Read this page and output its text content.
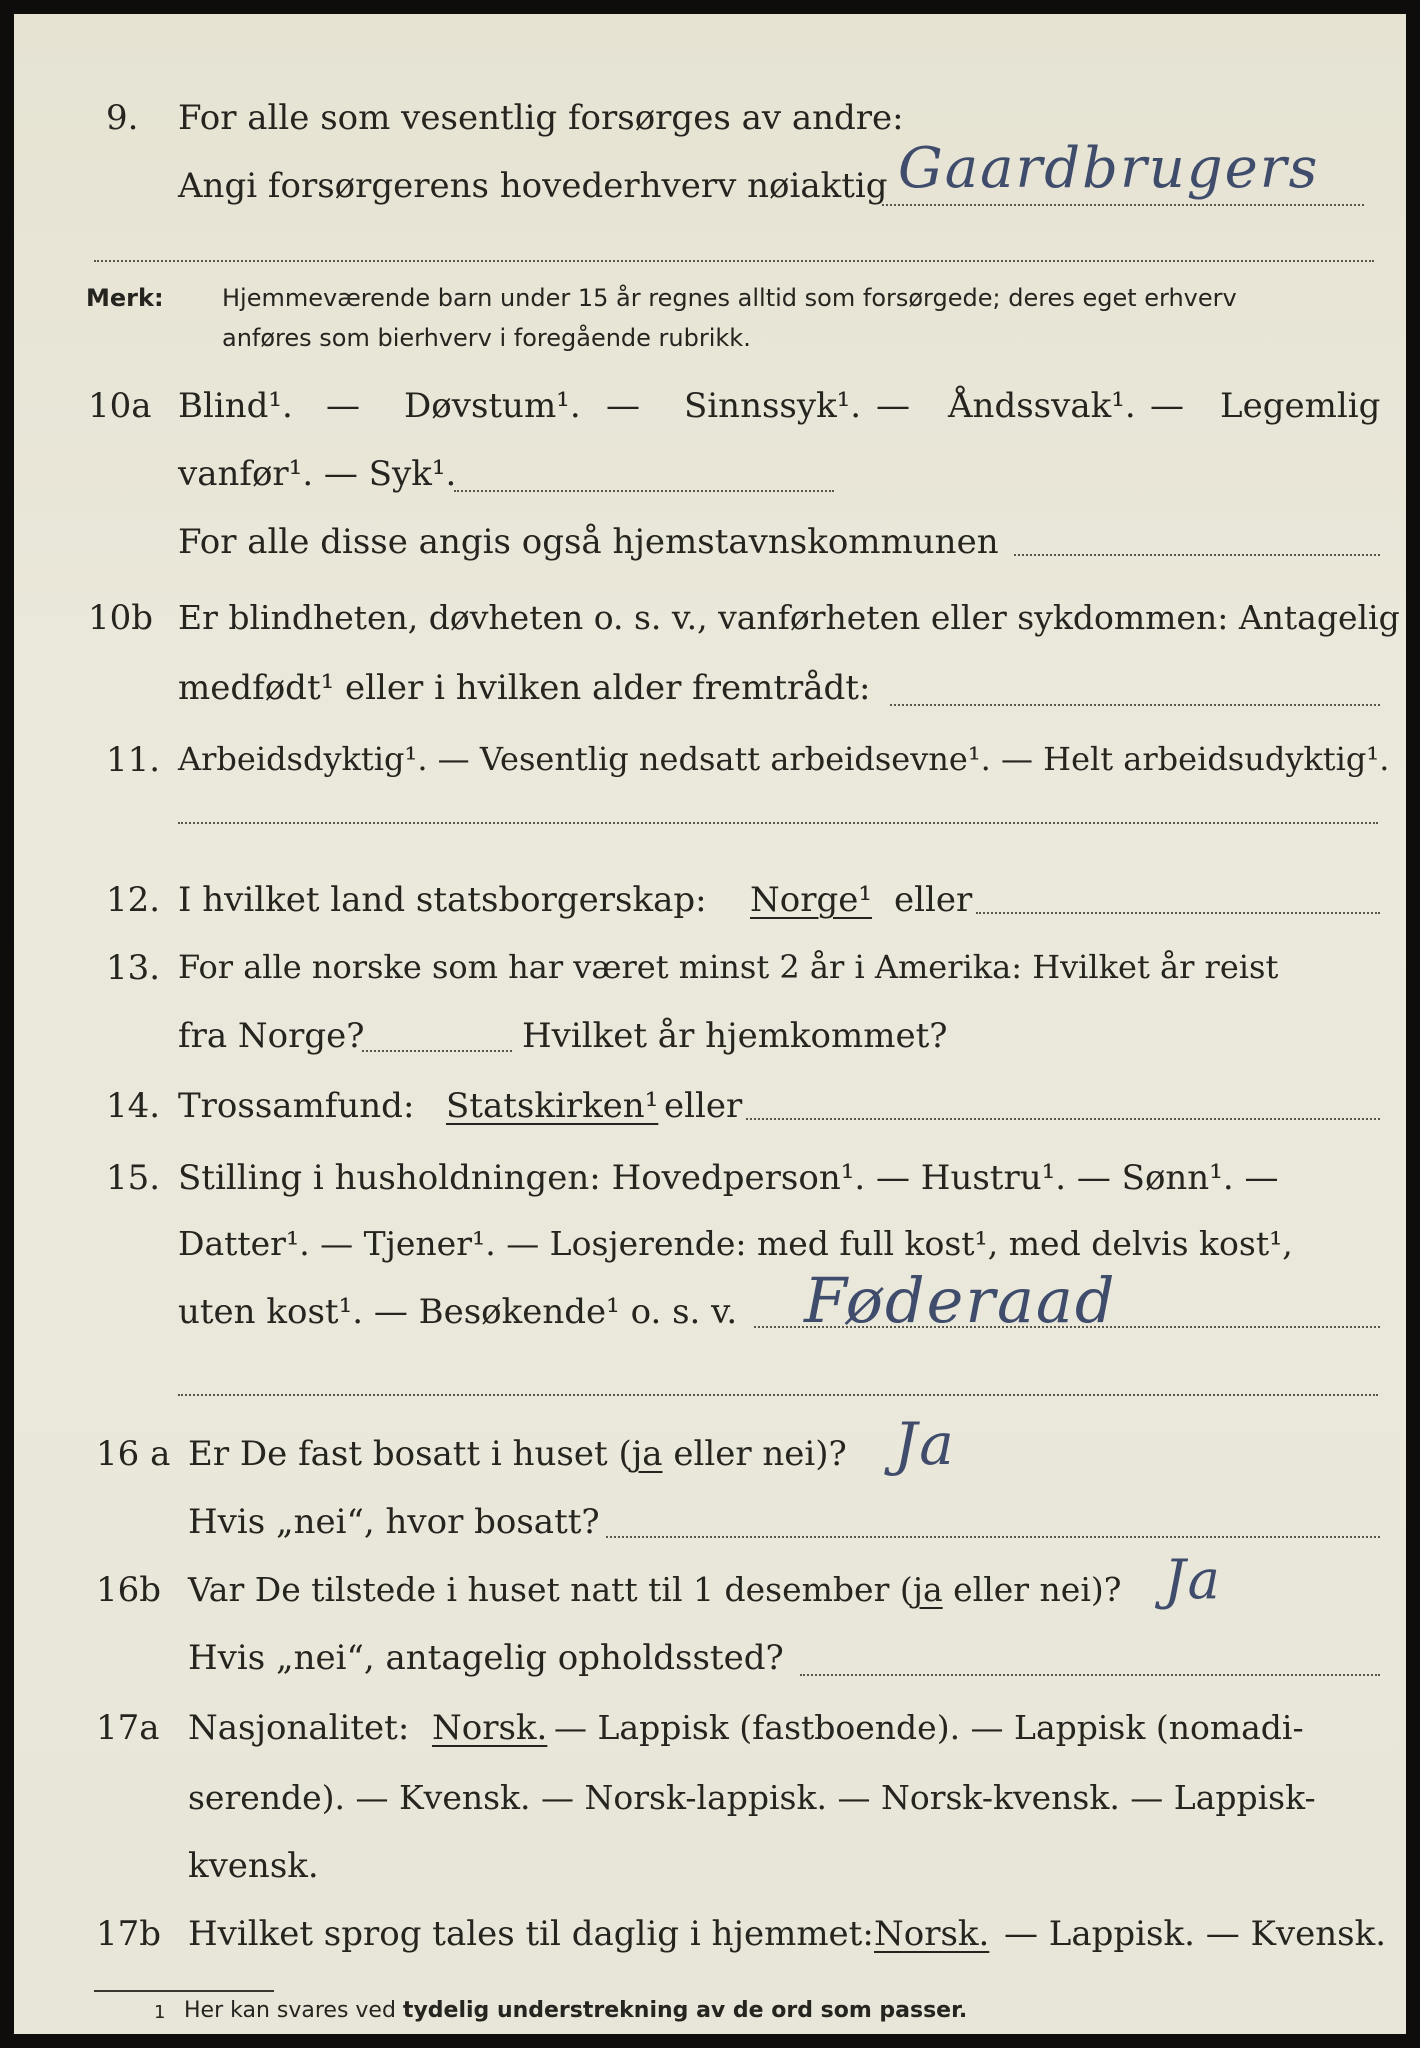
9. For alle som vesentlig forsørges av andre:
Angi forsørgerens hovederhverv nøiaktig Gaardbrugers
Merk: Hjemmeværende barn under 15 år regnes alltid som forsørgede; deres eget erhverv
anføres som bierhverv i foregående rubrikk.
10a Blind¹. — Døvstum¹. — Sinnssyk¹. — Åndssvak¹. — Legemlig
vanfør¹. — Syk¹.
For alle disse angis også hjemstavnskommunen
10b Er blindheten, døvheten o. s. v., vanførheten eller sykdommen: Antagelig
medfødt¹ eller i hvilken alder fremtrådt:
11. Arbeidsdyktig¹. — Vesentlig nedsatt arbeidsevne¹. — Helt arbeidsudyktig¹.
12. I hvilket land statsborgerskap: Norge¹ eller
13. For alle norske som har været minst 2 år i Amerika: Hvilket år reist
fra Norge?	Hvilket år hjemkommet?
14. Trossamfund: Statskirken¹ eller
15. Stilling i husholdningen: Hovedperson¹. — Hustru¹. — Sønn¹. —
Datter¹. — Tjener¹. — Losjerende: med full kost¹, med delvis kost¹,
uten kost¹. — Besøkende¹ o. s. v. Føderaad
16 a Er De fast bosatt i huset (ja eller nei)? Ja
Hvis „nei“, hvor bosatt?
16b Var De tilstede i huset natt til 1 desember (ja eller nei)? Ja
Hvis „nei“, antagelig opholdssted?
17a Nasjonalitet: Norsk. — Lappisk (fastboende). — Lappisk (nomadi-
serende). — Kvensk. — Norsk-lappisk. — Norsk-kvensk. — Lappisk-
kvensk.
17b Hvilket sprog tales til daglig i hjemmet: Norsk. — Lappisk. — Kvensk.
1 Her kan svares ved tydelig understrekning av de ord som passer.
